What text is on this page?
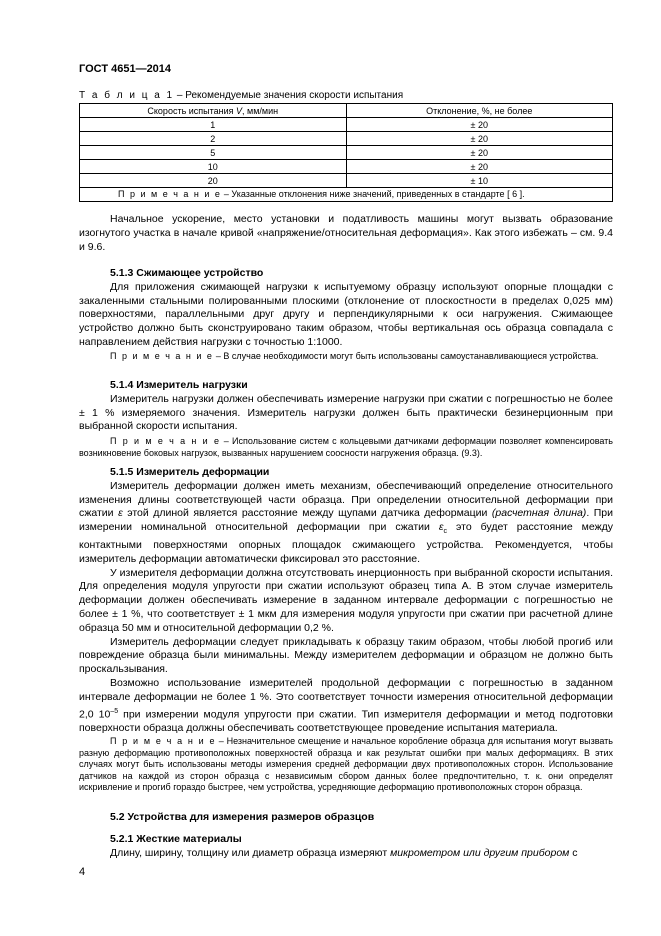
ГОСТ 4651—2014
Т а б л и ц а 1 – Рекомендуемые значения скорости испытания
Скорость испытания V, мм/мин	Отклонение, %, не более
1	± 20
2	± 20
5	± 20
10	± 20
20	± 10
П р и м е ч а н и е – Указанные отклонения ниже значений, приведенных в стандарте [ 6 ].	

Начальное ускорение, место установки и податливость машины могут вызвать образование изогнутого участка в начале кривой «напряжение/относительная деформация». Как этого избежать – см. 9.4 и 9.6.

5.1.3 Сжимающее устройство

Для приложения сжимающей нагрузки к испытуемому образцу используют опорные площадки с закаленными стальными полированными плоскими (отклонение от плоскостности в пределах 0,025 мм) поверхностями, параллельными друг другу и перпендикулярными к оси нагружения. Сжимающее устройство должно быть сконструировано таким образом, чтобы вертикальная ось образца совпадала с направлением действия нагрузки с точностью 1:1000.

П р и м е ч а н и е – В случае необходимости могут быть использованы самоустанавливающиеся устройства.

5.1.4 Измеритель нагрузки

Измеритель нагрузки должен обеспечивать измерение нагрузки при сжатии с погрешностью не более ± 1 % измеряемого значения. Измеритель нагрузки должен быть практически безинерционным при выбранной скорости испытания.

П р и м е ч а н и е – Использование систем с кольцевыми датчиками деформации позволяет компенсировать возникновение боковых нагрузок, вызванных нарушением соосности нагружения образца. (9.3).

5.1.5 Измеритель деформации

Измеритель деформации должен иметь механизм, обеспечивающий определение относительного изменения длины соответствующей части образца. При определении относительной деформации при сжатии ε этой длиной является расстояние между щупами датчика деформации (расчетная длина). При измерении номинальной относительной деформации при сжатии $\varepsilon_c$ это будет расстояние между контактными поверхностями опорных площадок сжимающего устройства. Рекомендуется, чтобы измеритель деформации автоматически фиксировал это расстояние.

У измерителя деформации должна отсутствовать инерционность при выбранной скорости испытания. Для определения модуля упругости при сжатии используют образец типа А. В этом случае измеритель деформации должен обеспечивать измерение в заданном интервале деформации с погрешностью не более ± 1 %, что соответствует ± 1 мкм для измерения модуля упругости при сжатии при расчетной длине образца 50 мм и относительной деформации 0,2 %.

Измеритель деформации следует прикладывать к образцу таким образом, чтобы любой прогиб или повреждение образца были минимальны. Между измерителем деформации и образцом не должно быть проскальзывания.

Возможно использование измерителей продольной деформации с погрешностью в заданном интервале деформации не более 1 %. Это соответствует точности измерения относительной деформации 2,0 $10^{-5}$ при измерении модуля упругости при сжатии. Тип измерителя деформации и метод подготовки поверхности образца должны обеспечивать соответствующее проведение испытания материала.

П р и м е ч а н и е – Незначительное смещение и начальное коробление образца для испытания могут вызвать разную деформацию противоположных поверхностей образца и как результат ошибки при малых деформациях. В этих случаях могут быть использованы методы измерения средней деформации двух противоположных сторон. Использование датчиков на каждой из сторон образца с независимым сбором данных более предпочтительно, т. к. они определят искривление и прогиб гораздо быстрее, чем устройства, усредняющие деформацию противоположных сторон образца.

5.2 Устройства для измерения размеров образцов
5.2.1 Жесткие материалы

Длину, ширину, толщину или диаметр образца измеряют микрометром или другим прибором с

4
